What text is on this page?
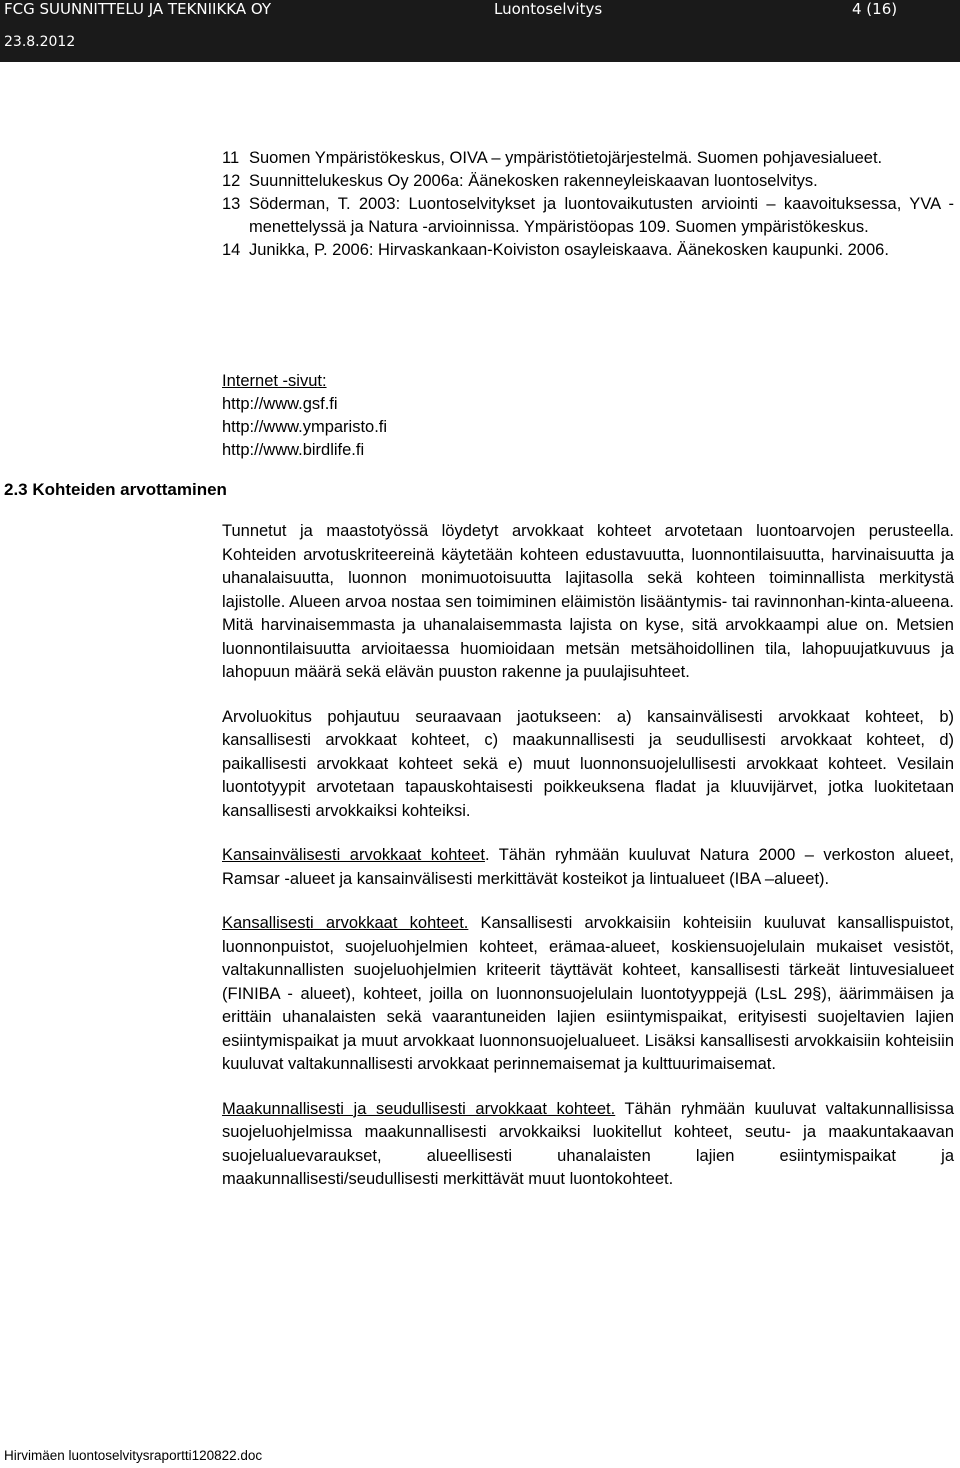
FCG SUUNNITTELU JA TEKNIIKKA OY	Luontoselvitys	4 (16)
23.8.2012
11 Suomen Ympäristökeskus, OIVA – ympäristötietojärjestelmä. Suomen pohjavesialueet.
12 Suunnittelukeskus Oy 2006a: Äänekosken rakenneyleiskaavan luontoselvitys.
13 Söderman, T. 2003: Luontoselvitykset ja luontovaikutusten arviointi – kaavoituksessa, YVA -menettelyssä ja Natura -arvioinnissa. Ympäristöopas 109. Suomen ympäristökeskus.
14 Junikka, P. 2006: Hirvaskankaan-Koiviston osayleiskaava. Äänekosken kaupunki. 2006.
Internet -sivut:
http://www.gsf.fi
http://www.ymparisto.fi
http://www.birdlife.fi
2.3 Kohteiden arvottaminen

Tunnetut ja maastotyössä löydetyt arvokkaat kohteet arvotetaan luontoarvojen perusteella. Kohteiden arvotuskriteereinä käytetään kohteen edustavuutta, luonnontilaisuutta, harvinaisuutta ja uhanalaisuutta, luonnon monimuotoisuutta lajitasolla sekä kohteen toiminnallista merkitystä lajistolle. Alueen arvoa nostaa sen toimiminen eläimistön lisääntymis- tai ravinnonhan-kinta-alueena. Mitä harvinaisemmasta ja uhanalaisemmasta lajista on kyse, sitä arvokkaampi alue on. Metsien luonnontilaisuutta arvioitaessa huomioidaan metsän metsähoidollinen tila, lahopuujatkuvuus ja lahopuun määrä sekä elävän puuston rakenne ja puulajisuhteet.

Arvoluokitus pohjautuu seuraavaan jaotukseen: a) kansainvälisesti arvokkaat kohteet, b) kansallisesti arvokkaat kohteet, c) maakunnallisesti ja seudullisesti arvokkaat kohteet, d) paikallisesti arvokkaat kohteet sekä e) muut luonnonsuojelullisesti arvokkaat kohteet. Vesilain luontotyypit arvotetaan tapauskohtaisesti poikkeuksena fladat ja kluuvijärvet, jotka luokitetaan kansallisesti arvokkaiksi kohteiksi.

Kansainvälisesti arvokkaat kohteet. Tähän ryhmään kuuluvat Natura 2000 – verkoston alueet, Ramsar -alueet ja kansainvälisesti merkittävät kosteikot ja lintualueet (IBA –alueet).

Kansallisesti arvokkaat kohteet. Kansallisesti arvokkaisiin kohteisiin kuuluvat kansallispuistot, luonnonpuistot, suojeluohjelmien kohteet, erämaa-alueet, koskiensuojelulain mukaiset vesistöt, valtakunnallisten suojeluohjelmien kriteerit täyttävät kohteet, kansallisesti tärkeät lintuvesialueet (FINIBA - alueet), kohteet, joilla on luonnonsuojelulain luontotyyppejä (LsL 29§), äärimmäisen ja erittäin uhanalaisten sekä vaarantuneiden lajien esiintymispaikat, erityisesti suojeltavien lajien esiintymispaikat ja muut arvokkaat luonnonsuojelualueet. Lisäksi kansallisesti arvokkaisiin kohteisiin kuuluvat valtakunnallisesti arvokkaat perinnemaisemat ja kulttuurimaisemat.

Maakunnallisesti ja seudullisesti arvokkaat kohteet. Tähän ryhmään kuuluvat valtakunnallisissa suojeluohjelmissa maakunnallisesti arvokkaiksi luokitellut kohteet, seutu- ja maakuntakaavan suojelualuevaraukset, alueellisesti uhanalaisten lajien esiintymispaikat ja maakunnallisesti/seudullisesti merkittävät muut luontokohteet.

Hirvimäen luontoselvitysraportti120822.doc
